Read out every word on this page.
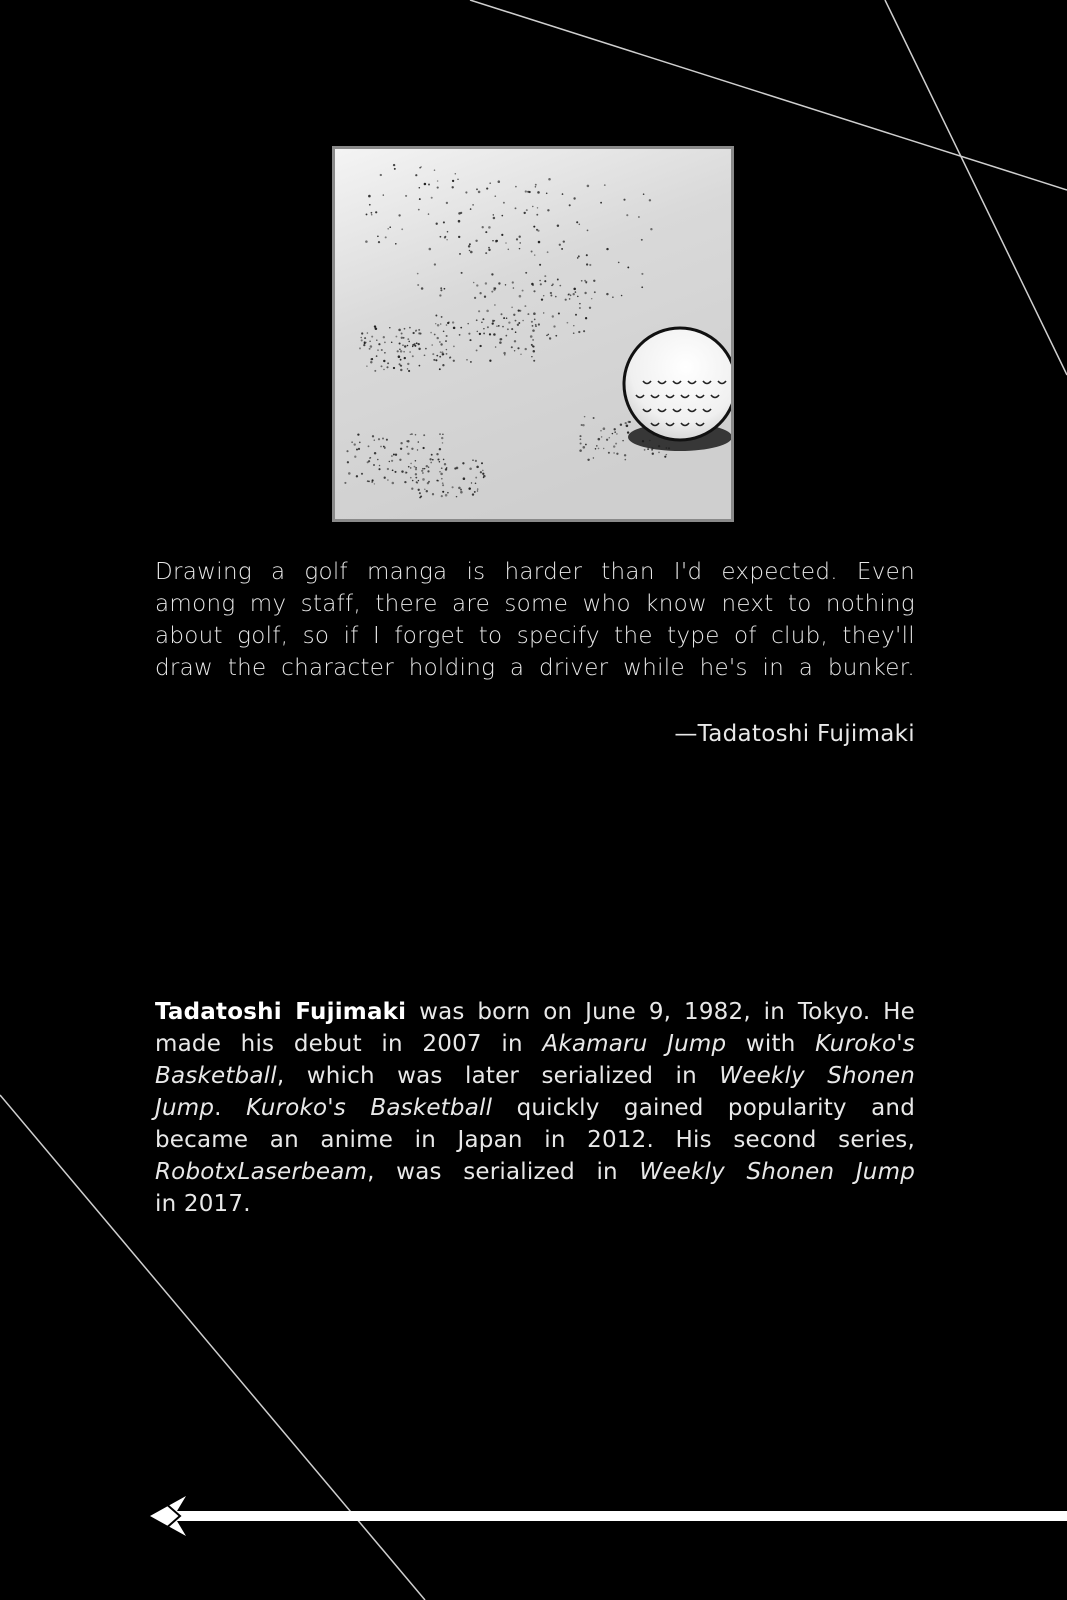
Drawing a golf manga is harder than I'd expected. Even
among my staff, there are some who know next to nothing
about golf, so if I forget to specify the type of club, they'll
draw the character holding a driver while he's in a bunker.
—Tadatoshi Fujimaki
Tadatoshi Fujimaki was born on June 9, 1982, in Tokyo. He
made his debut in 2007 in Akamaru Jump with Kuroko's
Basketball, which was later serialized in Weekly Shonen
Jump. Kuroko's Basketball quickly gained popularity and
became an anime in Japan in 2012. His second series,
RobotxLaserbeam, was serialized in Weekly Shonen Jump
in 2017.
